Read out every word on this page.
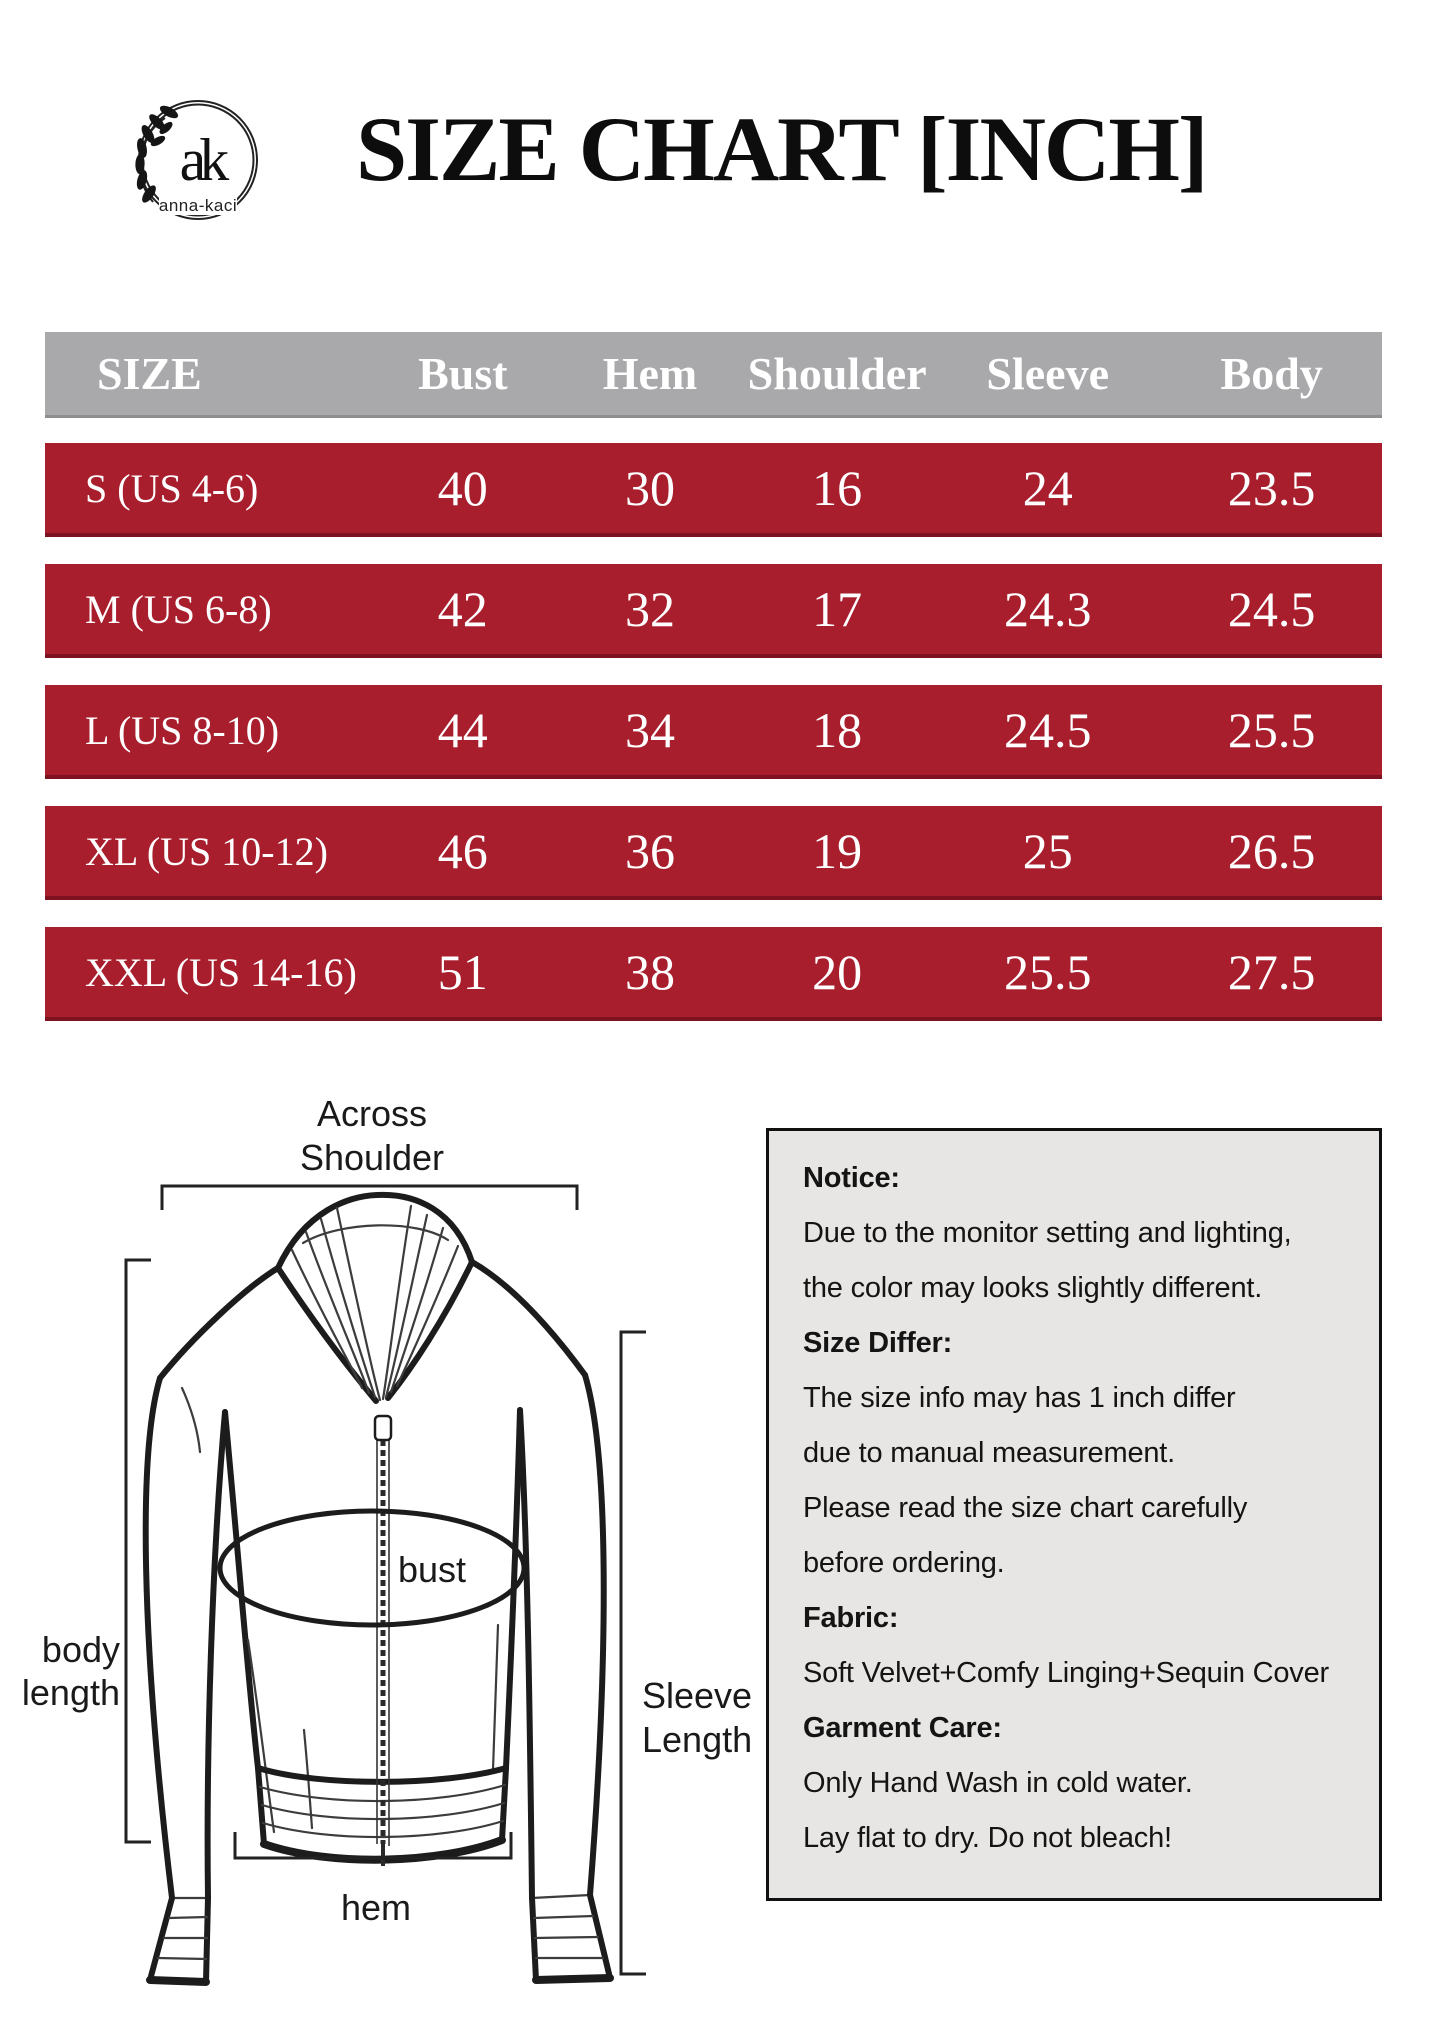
ak
anna-kaci
SIZE CHART [INCH]
SIZE	Bust	Hem	Shoulder	Sleeve	Body
S (US 4-6)	40	30	16	24	23.5
M (US 6-8)	42	32	17	24.3	24.5
L (US 8-10)	44	34	18	24.5	25.5
XL (US 10-12)	46	36	19	25	26.5
XXL (US 14-16)	51	38	20	25.5	27.5
Across
Shoulder
bust
body
length	Sleeve
Length
hem
Notice:
Due to the monitor setting and lighting,
the color may looks slightly different.
Size Differ:
The size info may has 1 inch differ
due to manual measurement.
Please read the size chart carefully
before ordering.
Fabric:
Soft Velvet+Comfy Linging+Sequin Cover
Garment Care:
Only Hand Wash in cold water.
Lay flat to dry. Do not bleach!
